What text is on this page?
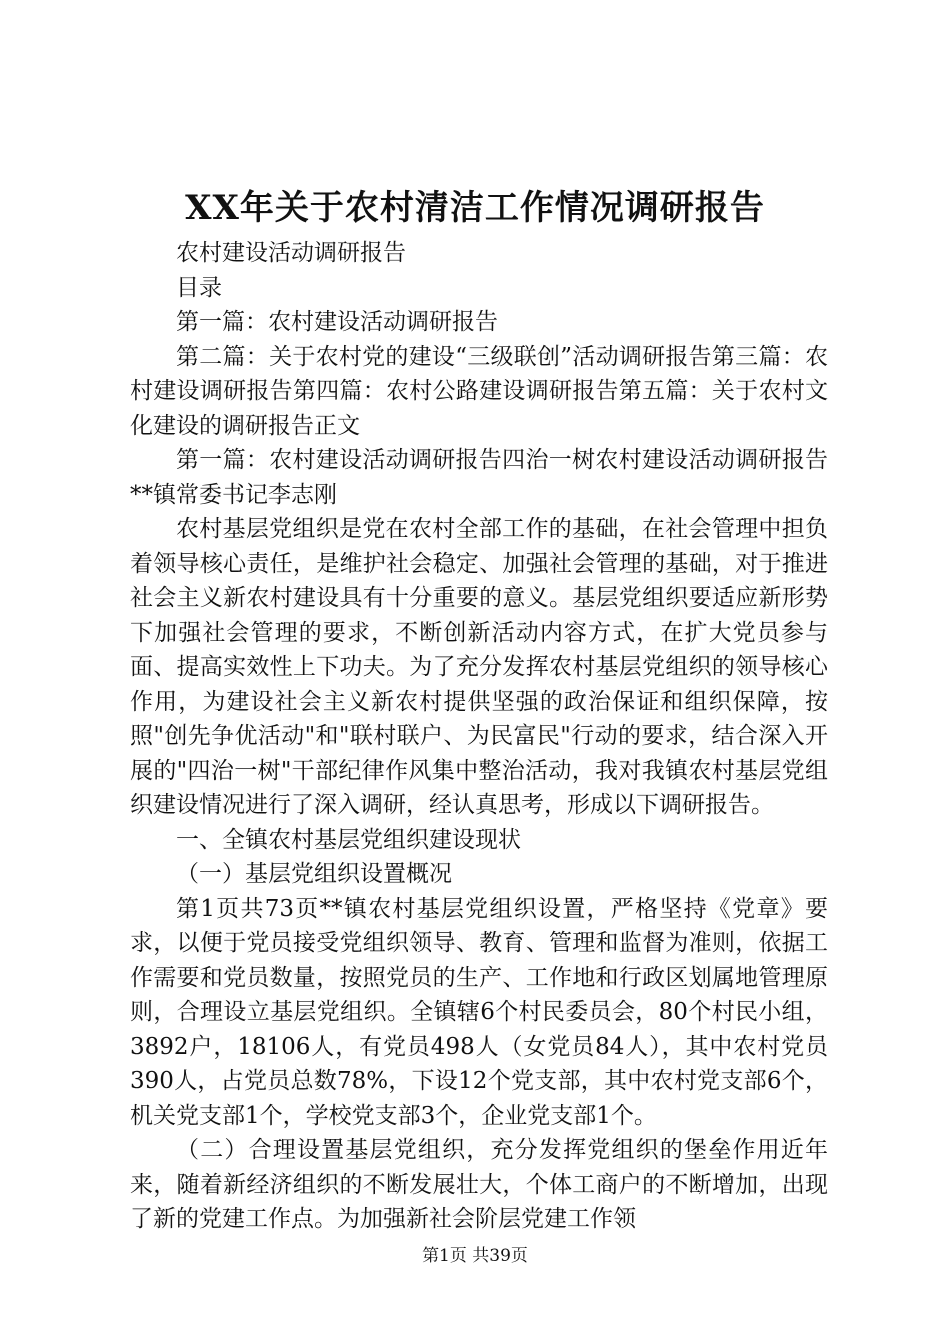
XX年关于农村清洁工作情况调研报告

农村建设活动调研报告

目录

第一篇：农村建设活动调研报告

第二篇：关于农村党的建设“三级联创”活动调研报告第三篇：农村建设调研报告第四篇：农村公路建设调研报告第五篇：关于农村文化建设的调研报告正文

第一篇：农村建设活动调研报告四治一树农村建设活动调研报告**镇常委书记李志刚

农村基层党组织是党在农村全部工作的基础，在社会管理中担负着领导核心责任，是维护社会稳定、加强社会管理的基础，对于推进社会主义新农村建设具有十分重要的意义。基层党组织要适应新形势下加强社会管理的要求，不断创新活动内容方式，在扩大党员参与面、提高实效性上下功夫。为了充分发挥农村基层党组织的领导核心作用，为建设社会主义新农村提供坚强的政治保证和组织保障，按照"创先争优活动"和"联村联户、为民富民"行动的要求，结合深入开展的"四治一树"干部纪律作风集中整治活动，我对我镇农村基层党组织建设情况进行了深入调研，经认真思考，形成以下调研报告。

一、全镇农村基层党组织建设现状

（一）基层党组织设置概况

第1页共73页**镇农村基层党组织设置，严格坚持《党章》要求，以便于党员接受党组织领导、教育、管理和监督为准则，依据工作需要和党员数量，按照党员的生产、工作地和行政区划属地管理原则，合理设立基层党组织。全镇辖6个村民委员会，80个村民小组，3892户，18106人，有党员498人（女党员84人），其中农村党员390人，占党员总数78%，下设12个党支部，其中农村党支部6个，机关党支部1个，学校党支部3个，企业党支部1个。

（二）合理设置基层党组织，充分发挥党组织的堡垒作用近年来，随着新经济组织的不断发展壮大，个体工商户的不断增加，出现了新的党建工作点。为加强新社会阶层党建工作领

第1页 共39页
